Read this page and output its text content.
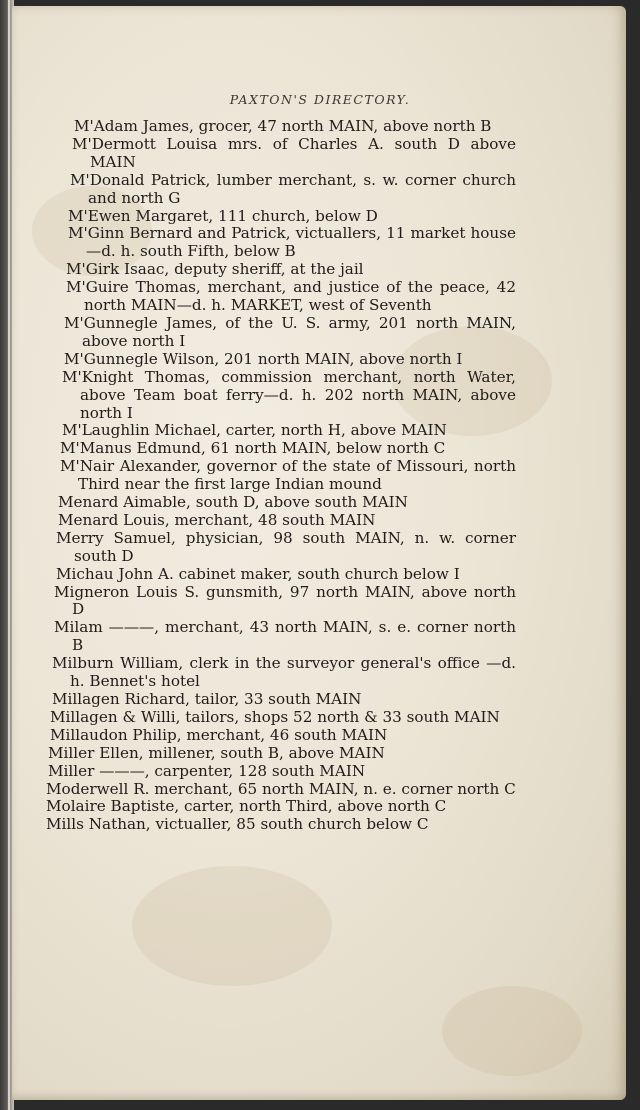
PAXTON'S DIRECTORY.
M'Adam James, grocer, 47 north MAIN, above north B
M'Dermott Louisa mrs. of Charles A. south D above MAIN
M'Donald Patrick, lumber merchant, s. w. corner church and north G
M'Ewen Margaret, 111 church, below D
M'Ginn Bernard and Patrick, victuallers, 11 market house—d. h. south Fifth, below B
M'Girk Isaac, deputy sheriff, at the jail
M'Guire Thomas, merchant, and justice of the peace, 42 north MAIN—d. h. MARKET, west of Seventh
M'Gunnegle James, of the U. S. army, 201 north MAIN, above north I
M'Gunnegle Wilson, 201 north MAIN, above north I
M'Knight Thomas, commission merchant, north Water, above Team boat ferry—d. h. 202 north MAIN, above north I
M'Laughlin Michael, carter, north H, above MAIN
M'Manus Edmund, 61 north MAIN, below north C
M'Nair Alexander, governor of the state of Missouri, north Third near the first large Indian mound
Menard Aimable, south D, above south MAIN
Menard Louis, merchant, 48 south MAIN
Merry Samuel, physician, 98 south MAIN, n. w. corner south D
Michau John A. cabinet maker, south church below I
Migneron Louis S. gunsmith, 97 north MAIN, above north D
Milam ———, merchant, 43 north MAIN, s. e. corner north B
Milburn William, clerk in the surveyor general's office —d. h. Bennet's hotel
Millagen Richard, tailor, 33 south MAIN
Millagen & Willi, tailors, shops 52 north & 33 south MAIN
Millaudon Philip, merchant, 46 south MAIN
Miller Ellen, millener, south B, above MAIN
Miller ———, carpenter, 128 south MAIN
Moderwell R. merchant, 65 north MAIN, n. e. corner north C
Molaire Baptiste, carter, north Third, above north C
Mills Nathan, victualler, 85 south church below C
